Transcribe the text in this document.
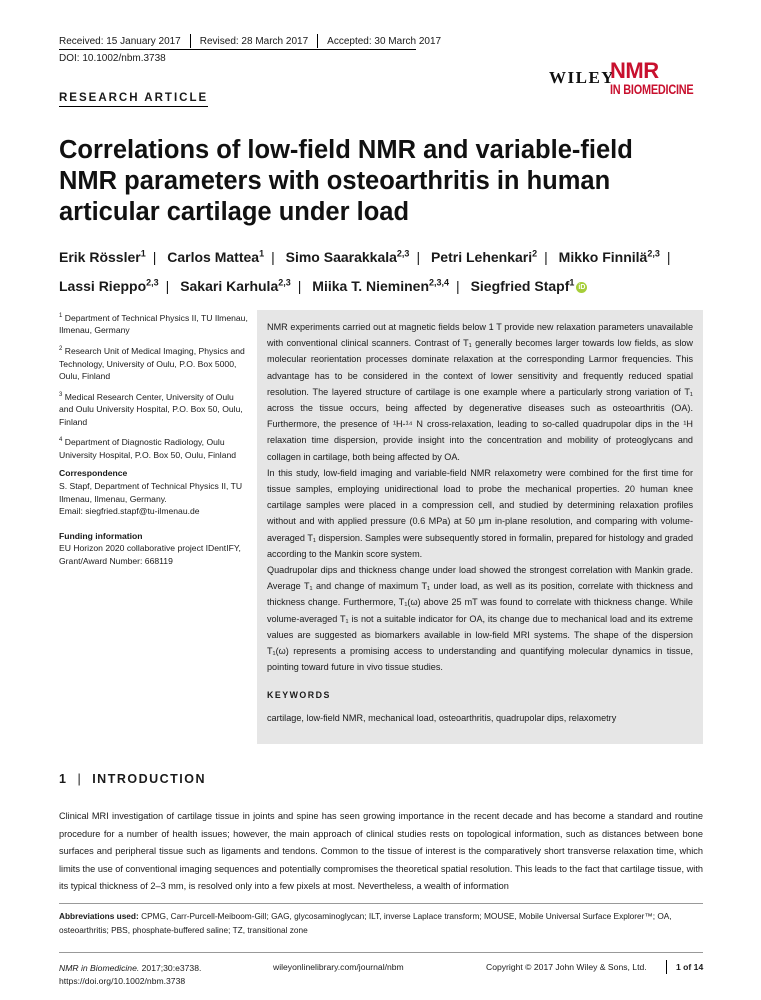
Received: 15 January 2017 Revised: 28 March 2017 Accepted: 30 March 2017
DOI: 10.1002/nbm.3738
WILEY
NMR
IN BIOMEDICINE
RESEARCH ARTICLE
Correlations of low-field NMR and variable-field NMR parameters with osteoarthritis in human articular cartilage under load
Erik Rössler$^1$ | Carlos Mattea$^1$ | Simo Saarakkala$^{2,3}$ | Petri Lehenkari$^2$ | Mikko Finnilä$^{2,3}$ |
Lassi Rieppo$^{2,3}$ | Sakari Karhula$^{2,3}$ | Miika T. Nieminen$^{2,3,4}$ | Siegfried Stapf$^1$iD
$^1$ Department of Technical Physics II, TU Ilmenau, Ilmenau, Germany
$^2$ Research Unit of Medical Imaging, Physics and Technology, University of Oulu, P.O. Box 5000, Oulu, Finland
$^3$ Medical Research Center, University of Oulu and Oulu University Hospital, P.O. Box 50, Oulu, Finland
$^4$ Department of Diagnostic Radiology, Oulu University Hospital, P.O. Box 50, Oulu, Finland
Correspondence
S. Stapf, Department of Technical Physics II, TU Ilmenau, Ilmenau, Germany.
Email: siegfried.stapf@tu-ilmenau.de
Funding information
EU Horizon 2020 collaborative project IDentIFY, Grant/Award Number: 668119

NMR experiments carried out at magnetic fields below 1 T provide new relaxation parameters unavailable with conventional clinical scanners. Contrast of T₁ generally becomes larger towards low fields, as slow molecular reorientation processes dominate relaxation at the corresponding Larmor frequencies. This advantage has to be considered in the context of lower sensitivity and frequently reduced spatial resolution. The layered structure of cartilage is one example where a particularly strong variation of T₁ across the tissue occurs, being affected by degenerative diseases such as osteoarthritis (OA). Furthermore, the presence of ¹H-¹⁴ N cross-relaxation, leading to so-called quadrupolar dips in the ¹H relaxation time dispersion, provide insight into the concentration and mobility of proteoglycans and collagen in cartilage, both being affected by OA.

In this study, low-field imaging and variable-field NMR relaxometry were combined for the first time for tissue samples, employing unidirectional load to probe the mechanical properties. 20 human knee cartilage samples were placed in a compression cell, and studied by determining relaxation profiles without and with applied pressure (0.6 MPa) at 50 μm in-plane resolution, and comparing with volume-averaged T₁ dispersion. Samples were subsequently stored in formalin, prepared for histology and graded according to the Mankin score system.

Quadrupolar dips and thickness change under load showed the strongest correlation with Mankin grade. Average T₁ and change of maximum T₁ under load, as well as its position, correlate with thickness and thickness change. Furthermore, T₁(ω) above 25 mT was found to correlate with thickness change. While volume-averaged T₁ is not a suitable indicator for OA, its change due to mechanical load and its extreme values are suggested as biomarkers available in low-field MRI systems. The shape of the dispersion T₁(ω) represents a promising access to understanding and quantifying molecular dynamics in tissue, pointing toward future in vivo tissue studies.

KEYWORDS
cartilage, low-field NMR, mechanical load, osteoarthritis, quadrupolar dips, relaxometry
1 | INTRODUCTION
Clinical MRI investigation of cartilage tissue in joints and spine has seen growing importance in the recent decade and has become a standard and routine procedure for a number of health issues; however, the main approach of clinical studies rests on topological information, such as distances between bone surfaces and peripheral tissue such as ligaments and tendons. Common to the tissue of interest is the comparatively short transverse relaxation time, which limits the use of conventional imaging sequences and potentially compromises the theoretical spatial resolution. This leads to the fact that cartilage tissue, with its typical thickness of 2–3 mm, is resolved only into a few pixels at most. Nevertheless, a wealth of information
Abbreviations used: CPMG, Carr-Purcell-Meiboom-Gill; GAG, glycosaminoglycan; ILT, inverse Laplace transform; MOUSE, Mobile Universal Surface Explorer™; OA, osteoarthritis; PBS, phosphate-buffered saline; TZ, transitional zone
NMR in Biomedicine. 2017;30:e3738.
https://doi.org/10.1002/nbm.3738
wileyonlinelibrary.com/journal/nbm	Copyright © 2017 John Wiley & Sons, Ltd.	1 of 14
